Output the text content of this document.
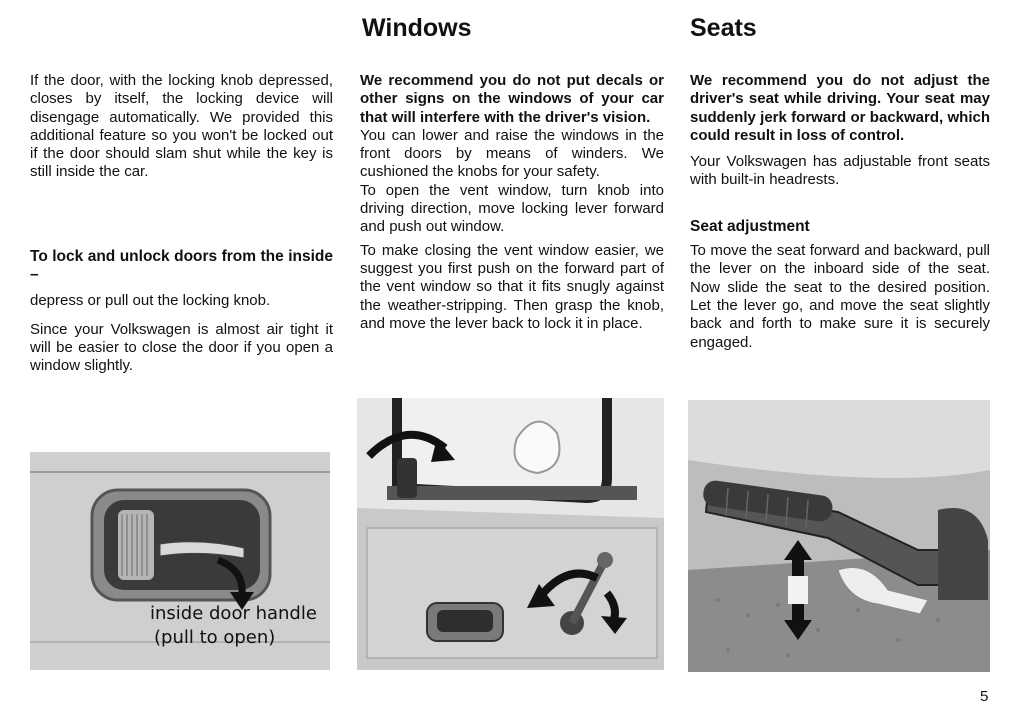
Windows	Seats

If the door, with the locking knob depressed, closes by itself, the locking device will disengage automatically. We provided this additional feature so you won't be locked out if the door should slam shut while the key is still inside the car.

To lock and unlock doors from the inside –

depress or pull out the locking knob.

Since your Volkswagen is almost air tight it will be easier to close the door if you open a window slightly.

We recommend you do not put decals or other signs on the windows of your car that will interfere with the driver's vision.

You can lower and raise the windows in the front doors by means of winders. We cushioned the knobs for your safety.

To open the vent window, turn knob into driving direction, move locking lever forward and push out window.

To make closing the vent window easier, we suggest you first push on the forward part of the vent window so that it fits snugly against the weather-stripping. Then grasp the knob, and move the lever back to lock it in place.

We recommend you do not adjust the driver's seat while driving. Your seat may suddenly jerk forward or backward, which could result in loss of control.

Your Volkswagen has adjustable front seats with built-in headrests.

Seat adjustment

To move the seat forward and backward, pull the lever on the inboard side of the seat. Now slide the seat to the desired position. Let the lever go, and move the seat slightly back and forth to make sure it is securely engaged.

inside door handle
(pull to open)
5
